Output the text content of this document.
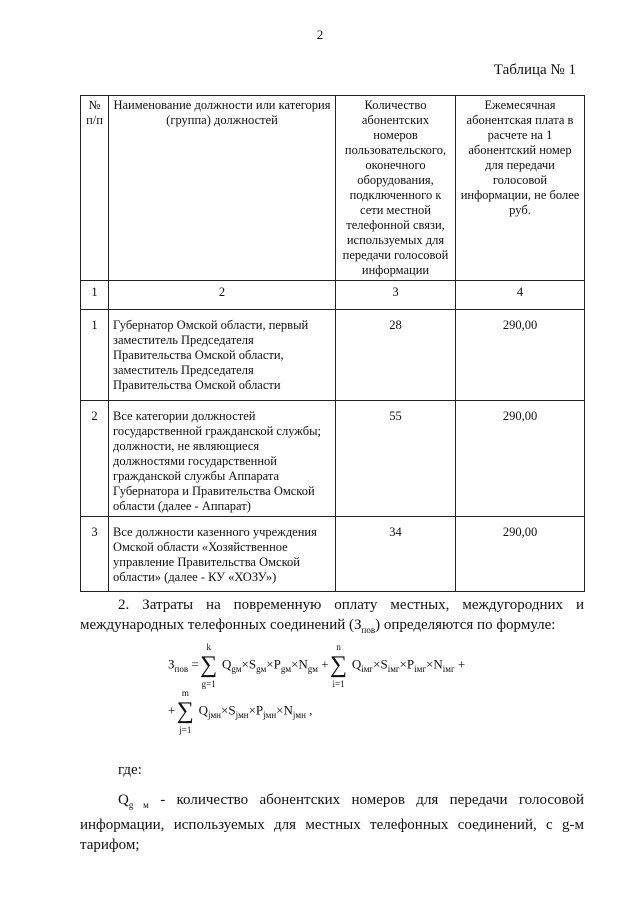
2
Таблица № 1
№ п/п	Наименование должности или категория (группа) должностей	Количество абонентских номеров пользовательского, оконечного оборудования, подключенного к сети местной телефонной связи, используемых для передачи голосовой информации	Ежемесячная абонентская плата в расчете на 1 абонентский номер для передачи голосовой информации, не более руб.
1	2	3	4
1	Губернатор Омской области, первый заместитель Председателя Правительства Омской области, заместитель Председателя Правительства Омской области	28	290,00
2	Все категории должностей государственной гражданской службы; должности, не являющиеся должностями государственной гражданской службы Аппарата Губернатора и Правительства Омской области (далее - Аппарат)	55	290,00
3	Все должности казенного учреждения Омской области «Хозяйственное управление Правительства Омской области» (далее - КУ «ХОЗУ»)	34	290,00
2. Затраты на повременную оплату местных, междугородних и международных телефонных соединений $(З_{пов})$ определяются по формуле:
$З_{пов}$ =∑
k
g=1
$Q_{gм}\times S_{gм}\times P_{gм}\times N_{gм}$ +∑
n
i=1
$Q_{iмг}\times S_{iмг}\times P_{iмг}\times N_{iмг}$ +
+∑
m
j=1
$Q_{jмн}\times S_{jмн}\times P_{jмн}\times N_{jмн}$ ,
где:
$Q_{g м}$ - количество абонентских номеров для передачи голосовой информации, используемых для местных телефонных соединений, с g-м тарифом;
